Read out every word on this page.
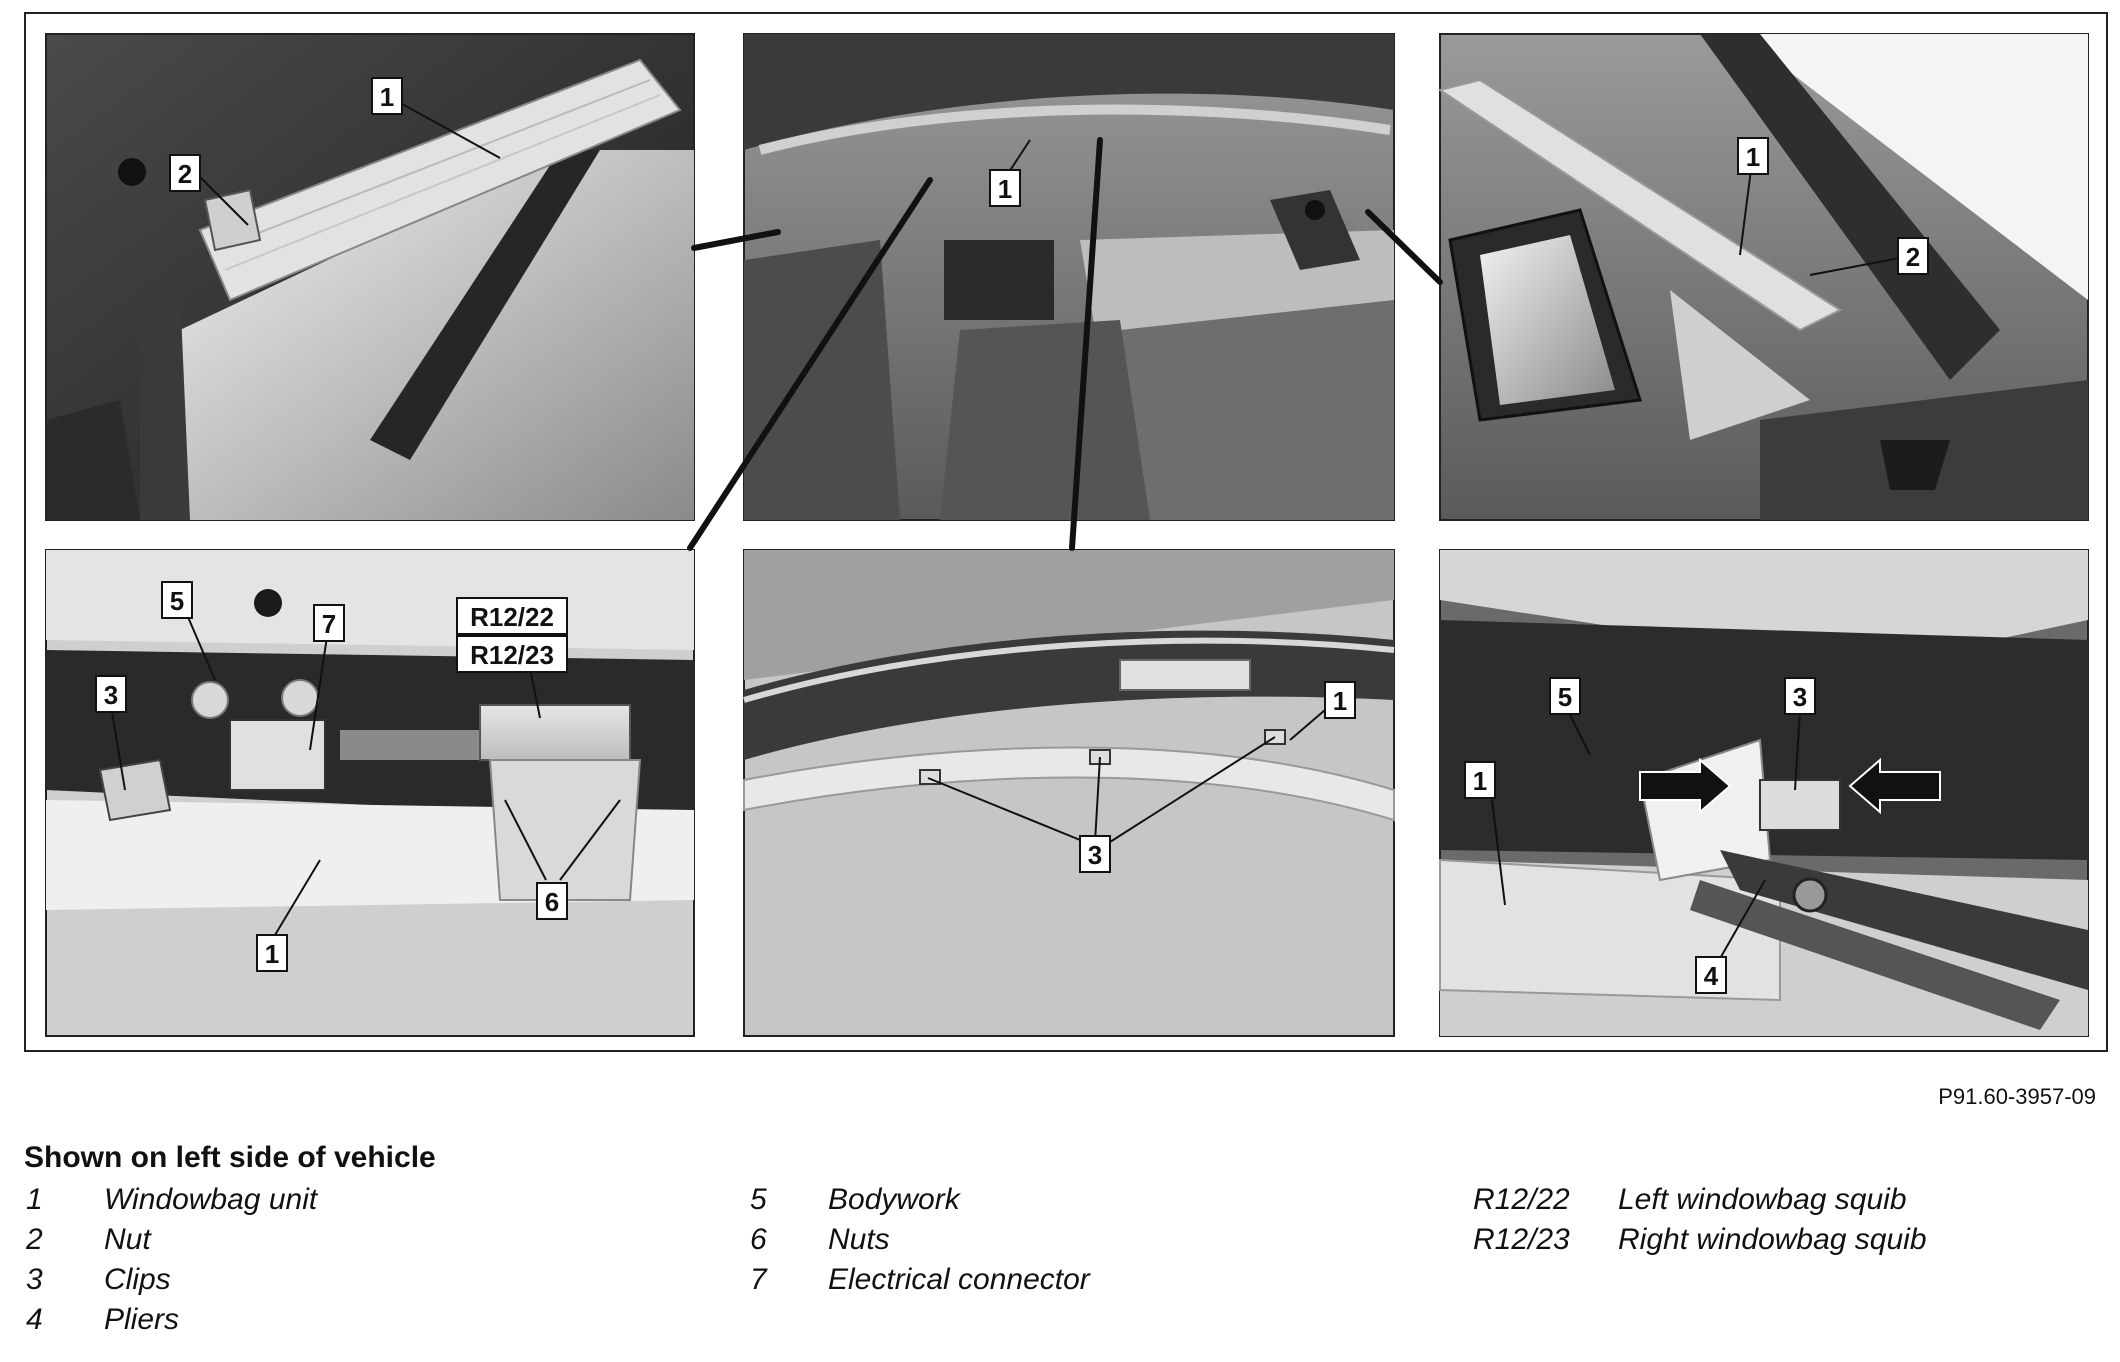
1
2	1
1
2
5
7	R12/22
R12/23
3
6
1
1
3
5	3
1
4
P91.60-3957-09
Shown on left side of vehicle
1	Windowbag unit
2	Nut
3	Clips
4	Pliers
5	Bodywork
6	Nuts
7	Electrical connector
R12/22	Left windowbag squib
R12/23	Right windowbag squib
